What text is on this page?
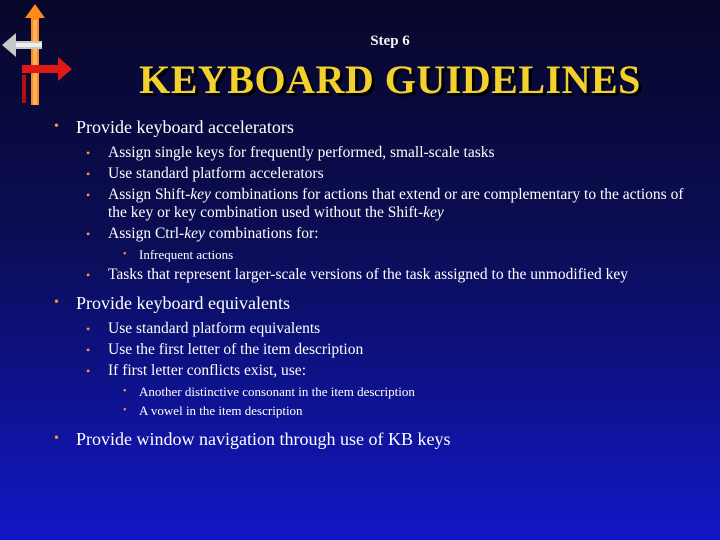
Step 6
KEYBOARD GUIDELINES
• Provide keyboard accelerators
• Assign single keys for frequently performed, small-scale tasks
• Use standard platform accelerators
• Assign Shift-key combinations for actions that extend or are complementary to the actions of the key or key combination used without the Shift-key
• Assign Ctrl-key combinations for:
• Infrequent actions
• Tasks that represent larger-scale versions of the task assigned to the unmodified key
• Provide keyboard equivalents
• Use standard platform equivalents
• Use the first letter of the item description
• If first letter conflicts exist, use:
• Another distinctive consonant in the item description
• A vowel in the item description
• Provide window navigation through use of KB keys
